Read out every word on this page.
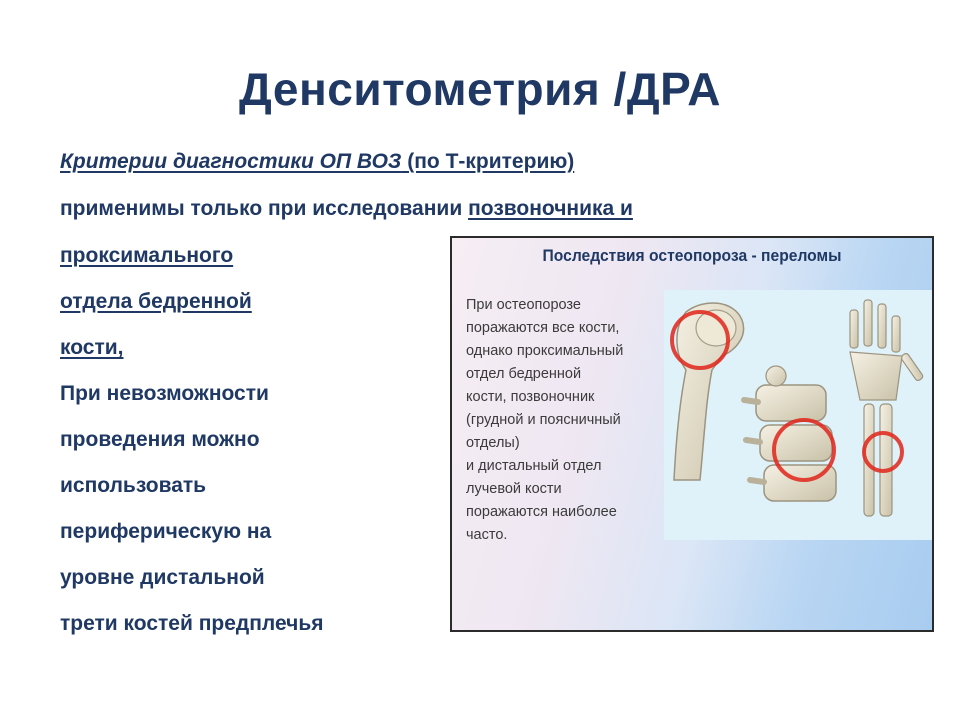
Денситометрия /ДРА
Критерии диагностики ОП ВОЗ (по Т-критерию)
применимы только при исследовании позвоночника и
проксимального
отдела бедренной
кости,
При невозможности
проведения можно
использовать
периферическую на
уровне дистальной
трети костей предплечья
Последствия остеопороза - переломы
При остеопорозе
поражаются все кости,
однако проксимальный
отдел бедренной
кости, позвоночник
(грудной и поясничный
отделы)
и дистальный отдел
лучевой кости
поражаются наиболее
часто.
